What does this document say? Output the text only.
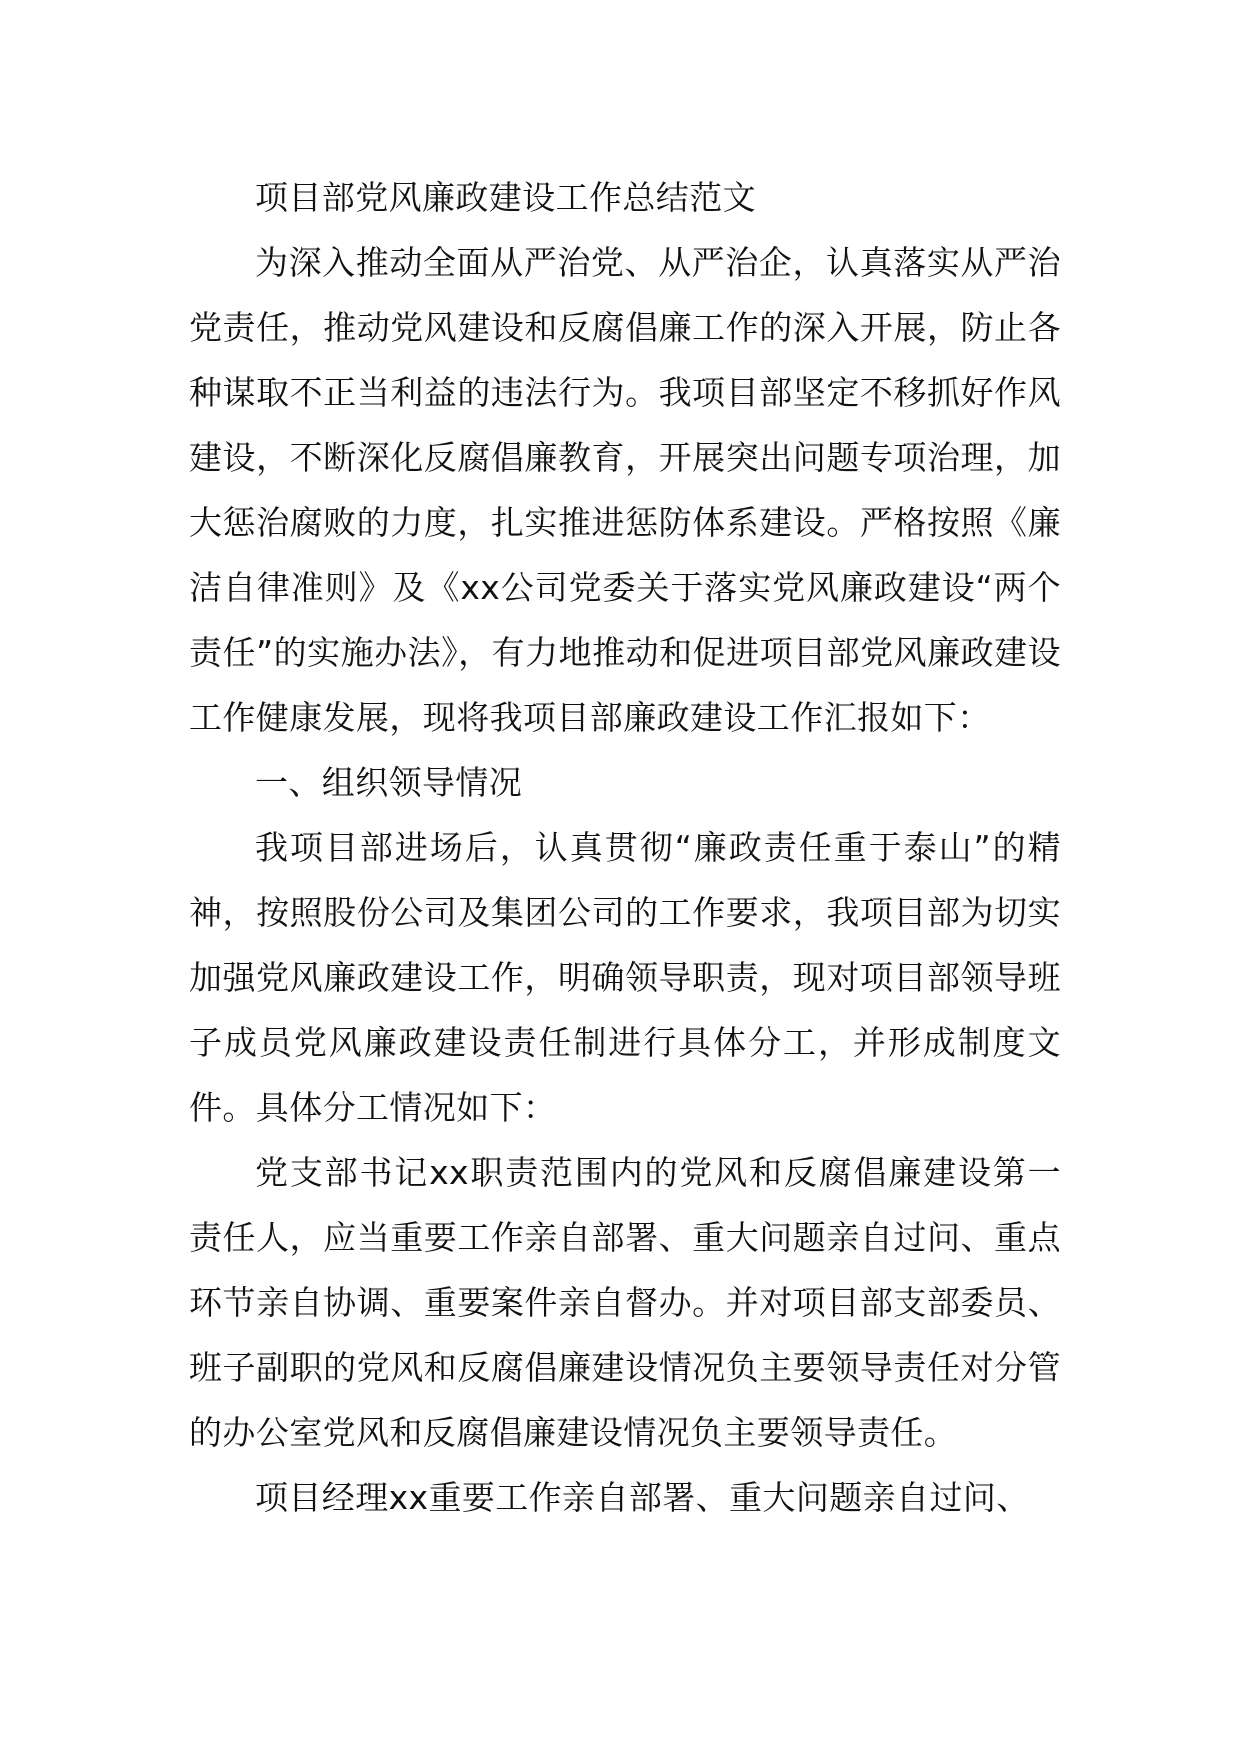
项目部党风廉政建设工作总结范文

为深入推动全面从严治党、从严治企，认真落实从严治党责任，推动党风建设和反腐倡廉工作的深入开展，防止各种谋取不正当利益的违法行为。我项目部坚定不移抓好作风建设，不断深化反腐倡廉教育，开展突出问题专项治理，加大惩治腐败的力度，扎实推进惩防体系建设。严格按照《廉洁自律准则》及《xx公司党委关于落实党风廉政建设“两个责任”的实施办法》，有力地推动和促进项目部党风廉政建设工作健康发展，现将我项目部廉政建设工作汇报如下：

一、组织领导情况

我项目部进场后，认真贯彻“廉政责任重于泰山”的精神，按照股份公司及集团公司的工作要求，我项目部为切实加强党风廉政建设工作，明确领导职责，现对项目部领导班子成员党风廉政建设责任制进行具体分工，并形成制度文件。具体分工情况如下：

党支部书记xx职责范围内的党风和反腐倡廉建设第一责任人，应当重要工作亲自部署、重大问题亲自过问、重点环节亲自协调、重要案件亲自督办。并对项目部支部委员、班子副职的党风和反腐倡廉建设情况负主要领导责任对分管的办公室党风和反腐倡廉建设情况负主要领导责任。

项目经理xx重要工作亲自部署、重大问题亲自过问、
